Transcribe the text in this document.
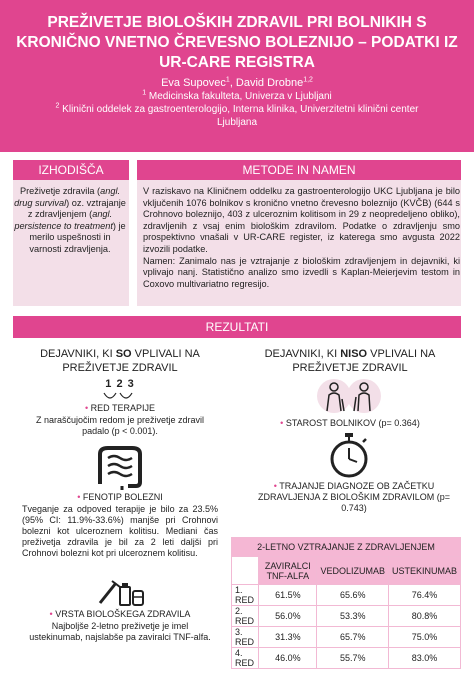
PREŽIVETJE BIOLOŠKIH ZDRAVIL PRI BOLNIKIH S KRONIČNO VNETNO ČREVESNO BOLEZNIJO – PODATKI IZ UR-CARE REGISTRA
Eva Supovec$^1$, David Drobne$^{1,2}$
$^1$ Medicinska fakulteta, Univerza v Ljubljani
$^2$ Klinični oddelek za gastroenterologijo, Interna klinika, Univerzitetni klinični center Ljubljana
IZHODIŠČA
Preživetje zdravila (angl. drug survival) oz. vztrajanje z zdravljenjem (angl. persistence to treatment) je merilo uspešnosti in varnosti zdravljenja.
METODE IN NAMEN
V raziskavo na Kliničnem oddelku za gastroenterologijo UKC Ljubljana je bilo vključenih 1076 bolnikov s kronično vnetno črevesno boleznijo (KVČB) (644 s Crohnovo boleznijo, 403 z ulceroznim kolitisom in 29 z neopredeljeno obliko), zdravljenih z vsaj enim biološkim zdravilom. Podatke o zdravljenju smo prospektivno vnašali v UR-CARE register, iz katerega smo avgusta 2022 izvozili podatke.
Namen: Zanimalo nas je vztrajanje z biološkim zdravljenjem in dejavniki, ki vplivajo nanj. Statistično analizo smo izvedli s Kaplan-Meierjevim testom in Coxovo multivariatno regresijo.
REZULTATI
DEJAVNIKI, KI SO VPLIVALI NA PREŽIVETJE ZDRAVIL
DEJAVNIKI, KI NISO VPLIVALI NA PREŽIVETJE ZDRAVIL
1 2 3
• RED TERAPIJE
Z naraščujočim redom je preživetje zdravil padalo (p < 0.001).
• FENOTIP BOLEZNI
Tveganje za odpoved terapije je bilo za 23.5% (95% CI: 11.9%-33.6%) manjše pri Crohnovi bolezni kot ulceroznem kolitisu. Mediani čas preživetja zdravila je bil za 2 leti daljši pri Crohnovi bolezni kot pri ulceroznem kolitisu.
• VRSTA BIOLOŠKEGA ZDRAVILA
Najboljše 2-letno preživetje je imel ustekinumab, najslabše pa zaviralci TNF-alfa.
• STAROST BOLNIKOV (p= 0.364)
• TRAJANJE DIAGNOZE OB ZAČETKU ZDRAVLJENJA Z BIOLOŠKIM ZDRAVILOM (p= 0.743)
2-LETNO VZTRAJANJE Z ZDRAVLJENJEM			
	ZAVIRALCI TNF-ALFA	VEDOLIZUMAB	USTEKINUMAB
1. RED	61.5%	65.6%	76.4%
2. RED	56.0%	53.3%	80.8%
3. RED	31.3%	65.7%	75.0%
4. RED	46.0%	55.7%	83.0%
